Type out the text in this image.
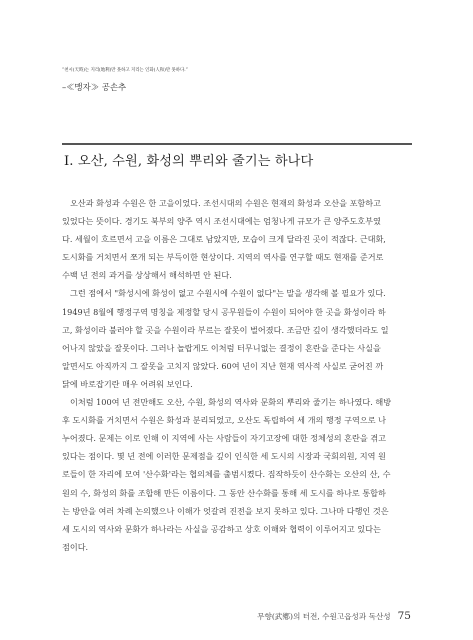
“천시(天時)는 지리(地利)만 못하고 지리는 인화(人和)만 못하다.”
–≪맹자≫ 공손추
Ⅰ. 오산, 수원, 화성의 뿌리와 줄기는 하나다
오산과 화성과 수원은 한 고을이었다. 조선시대의 수원은 현재의 화성과 오산을 포함하고
있었다는 뜻이다. 경기도 북부의 양주 역시 조선시대에는 엄청나게 규모가 큰 양주도호부였
다. 세월이 흐르면서 고을 이름은 그대로 남았지만, 모습이 크게 달라진 곳이 적잖다. 근대화,
도시화를 거치면서 쪼개 되는 부득이한 현상이다. 지역의 역사를 연구할 때도 현재를 준거로
수백 년 전의 과거를 상상해서 해석하면 안 된다.
그런 점에서 "화성시에 화성이 없고 수원시에 수원이 없다"는 말을 생각해 볼 필요가 있다.
1949년 8월에 행정구역 명칭을 제정할 당시 공무원들이 수원이 되어야 한 곳을 화성이라 하
고, 화성이라 불러야 할 곳을 수원이라 부르는 잘못이 벌어졌다. 조금만 깊이 생각했더라도 일
어나지 않았을 잘못이다. 그러나 놀랍게도 이처럼 터무니없는 결정이 혼란을 준다는 사실을
알면서도 아직까지 그 잘못을 고치지 않았다. 60여 년이 지난 현재 역사적 사실로 굳어진 까
닭에 바로잡기란 매우 어려워 보인다.
이처럼 100여 년 전만해도 오산, 수원, 화성의 역사와 문화의 뿌리와 줄기는 하나였다. 해방
후 도시화를 거치면서 수원은 화성과 분리되었고, 오산도 독립하여 세 개의 행정 구역으로 나
누어졌다. 문제는 이로 인해 이 지역에 사는 사람들이 자기고장에 대한 정체성의 혼란을 겪고
있다는 점이다. 몇 년 전에 이러한 문제점을 깊이 인식한 세 도시의 시장과 국회의원, 지역 원
로들이 한 자리에 모여 '산수화'라는 협의체를 출범시켰다. 짐작하듯이 산수화는 오산의 산, 수
원의 수, 화성의 화를 조합해 만든 이름이다. 그 동안 산수화를 통해 세 도시를 하나로 통합하
는 방안을 여러 차례 논의했으나 이해가 엇갈려 진전을 보지 못하고 있다. 그나마 다행인 것은
세 도시의 역사와 문화가 하나라는 사실을 공감하고 상호 이해와 협력이 이루어지고 있다는
점이다.
무향(武鄕)의 터전, 수원고읍성과 독산성 75
